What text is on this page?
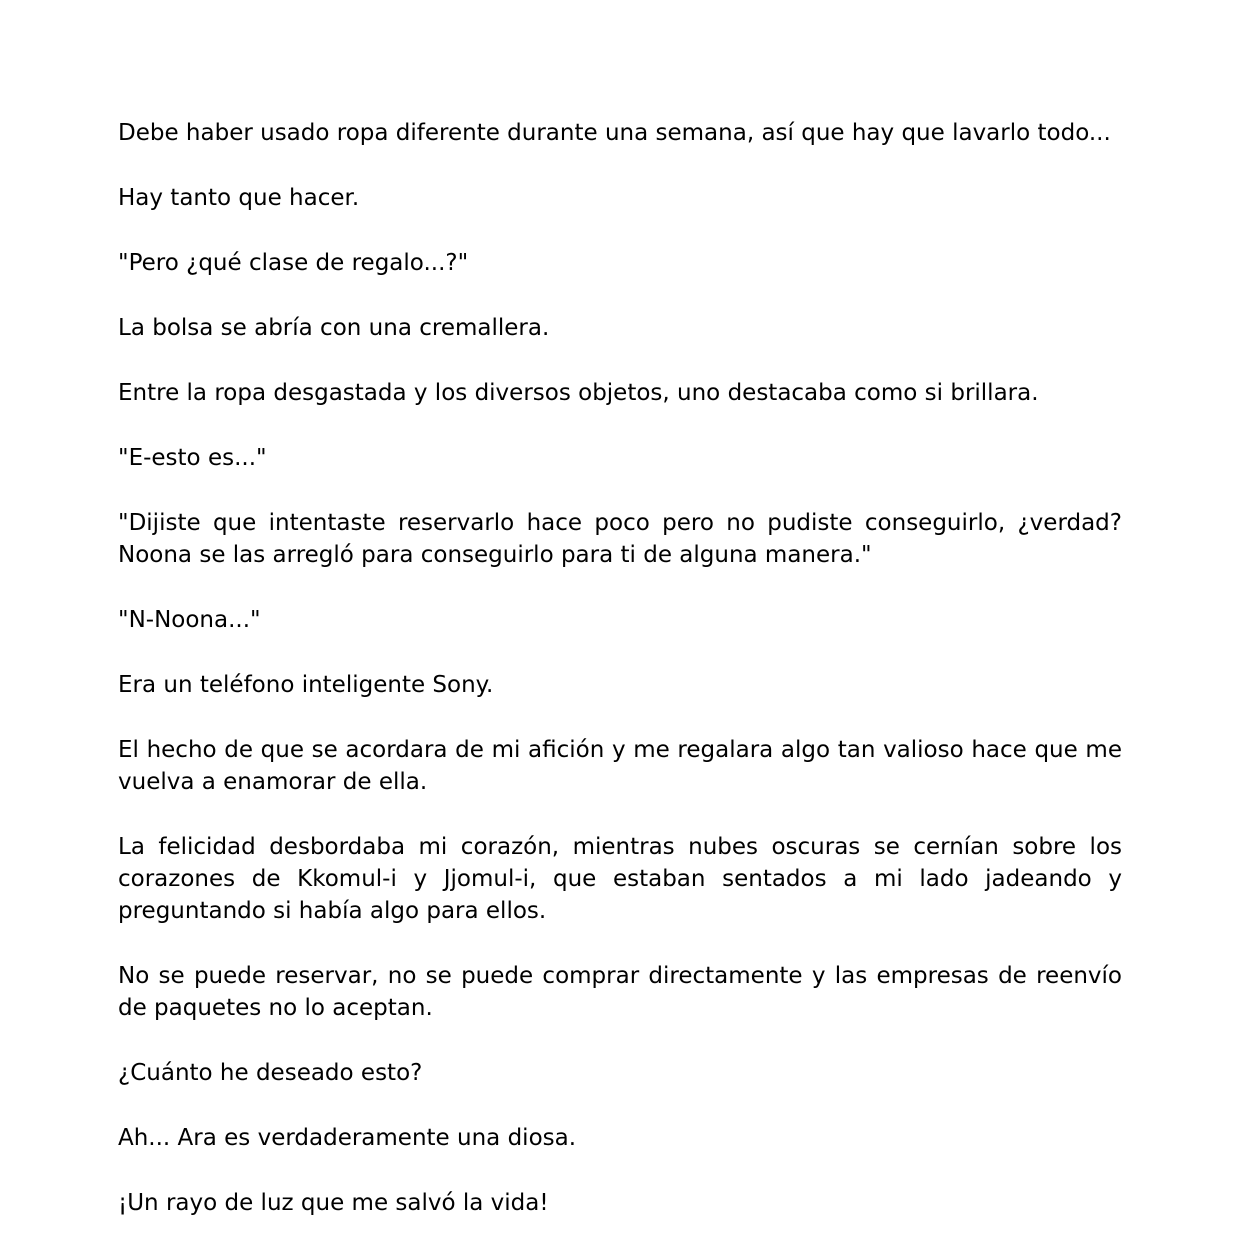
Debe haber usado ropa diferente durante una semana, así que hay que lavarlo todo...

Hay tanto que hacer.

"Pero ¿qué clase de regalo...?"

La bolsa se abría con una cremallera.

Entre la ropa desgastada y los diversos objetos, uno destacaba como si brillara.

"E-esto es..."

"Dijiste que intentaste reservarlo hace poco pero no pudiste conseguirlo, ¿verdad? Noona se las arregló para conseguirlo para ti de alguna manera."

"N-Noona..."

Era un teléfono inteligente Sony.

El hecho de que se acordara de mi afición y me regalara algo tan valioso hace que me vuelva a enamorar de ella.

La felicidad desbordaba mi corazón, mientras nubes oscuras se cernían sobre los corazones de Kkomul-i y Jjomul-i, que estaban sentados a mi lado jadeando y preguntando si había algo para ellos.

No se puede reservar, no se puede comprar directamente y las empresas de reenvío de paquetes no lo aceptan.

¿Cuánto he deseado esto?

Ah... Ara es verdaderamente una diosa.

¡Un rayo de luz que me salvó la vida!
